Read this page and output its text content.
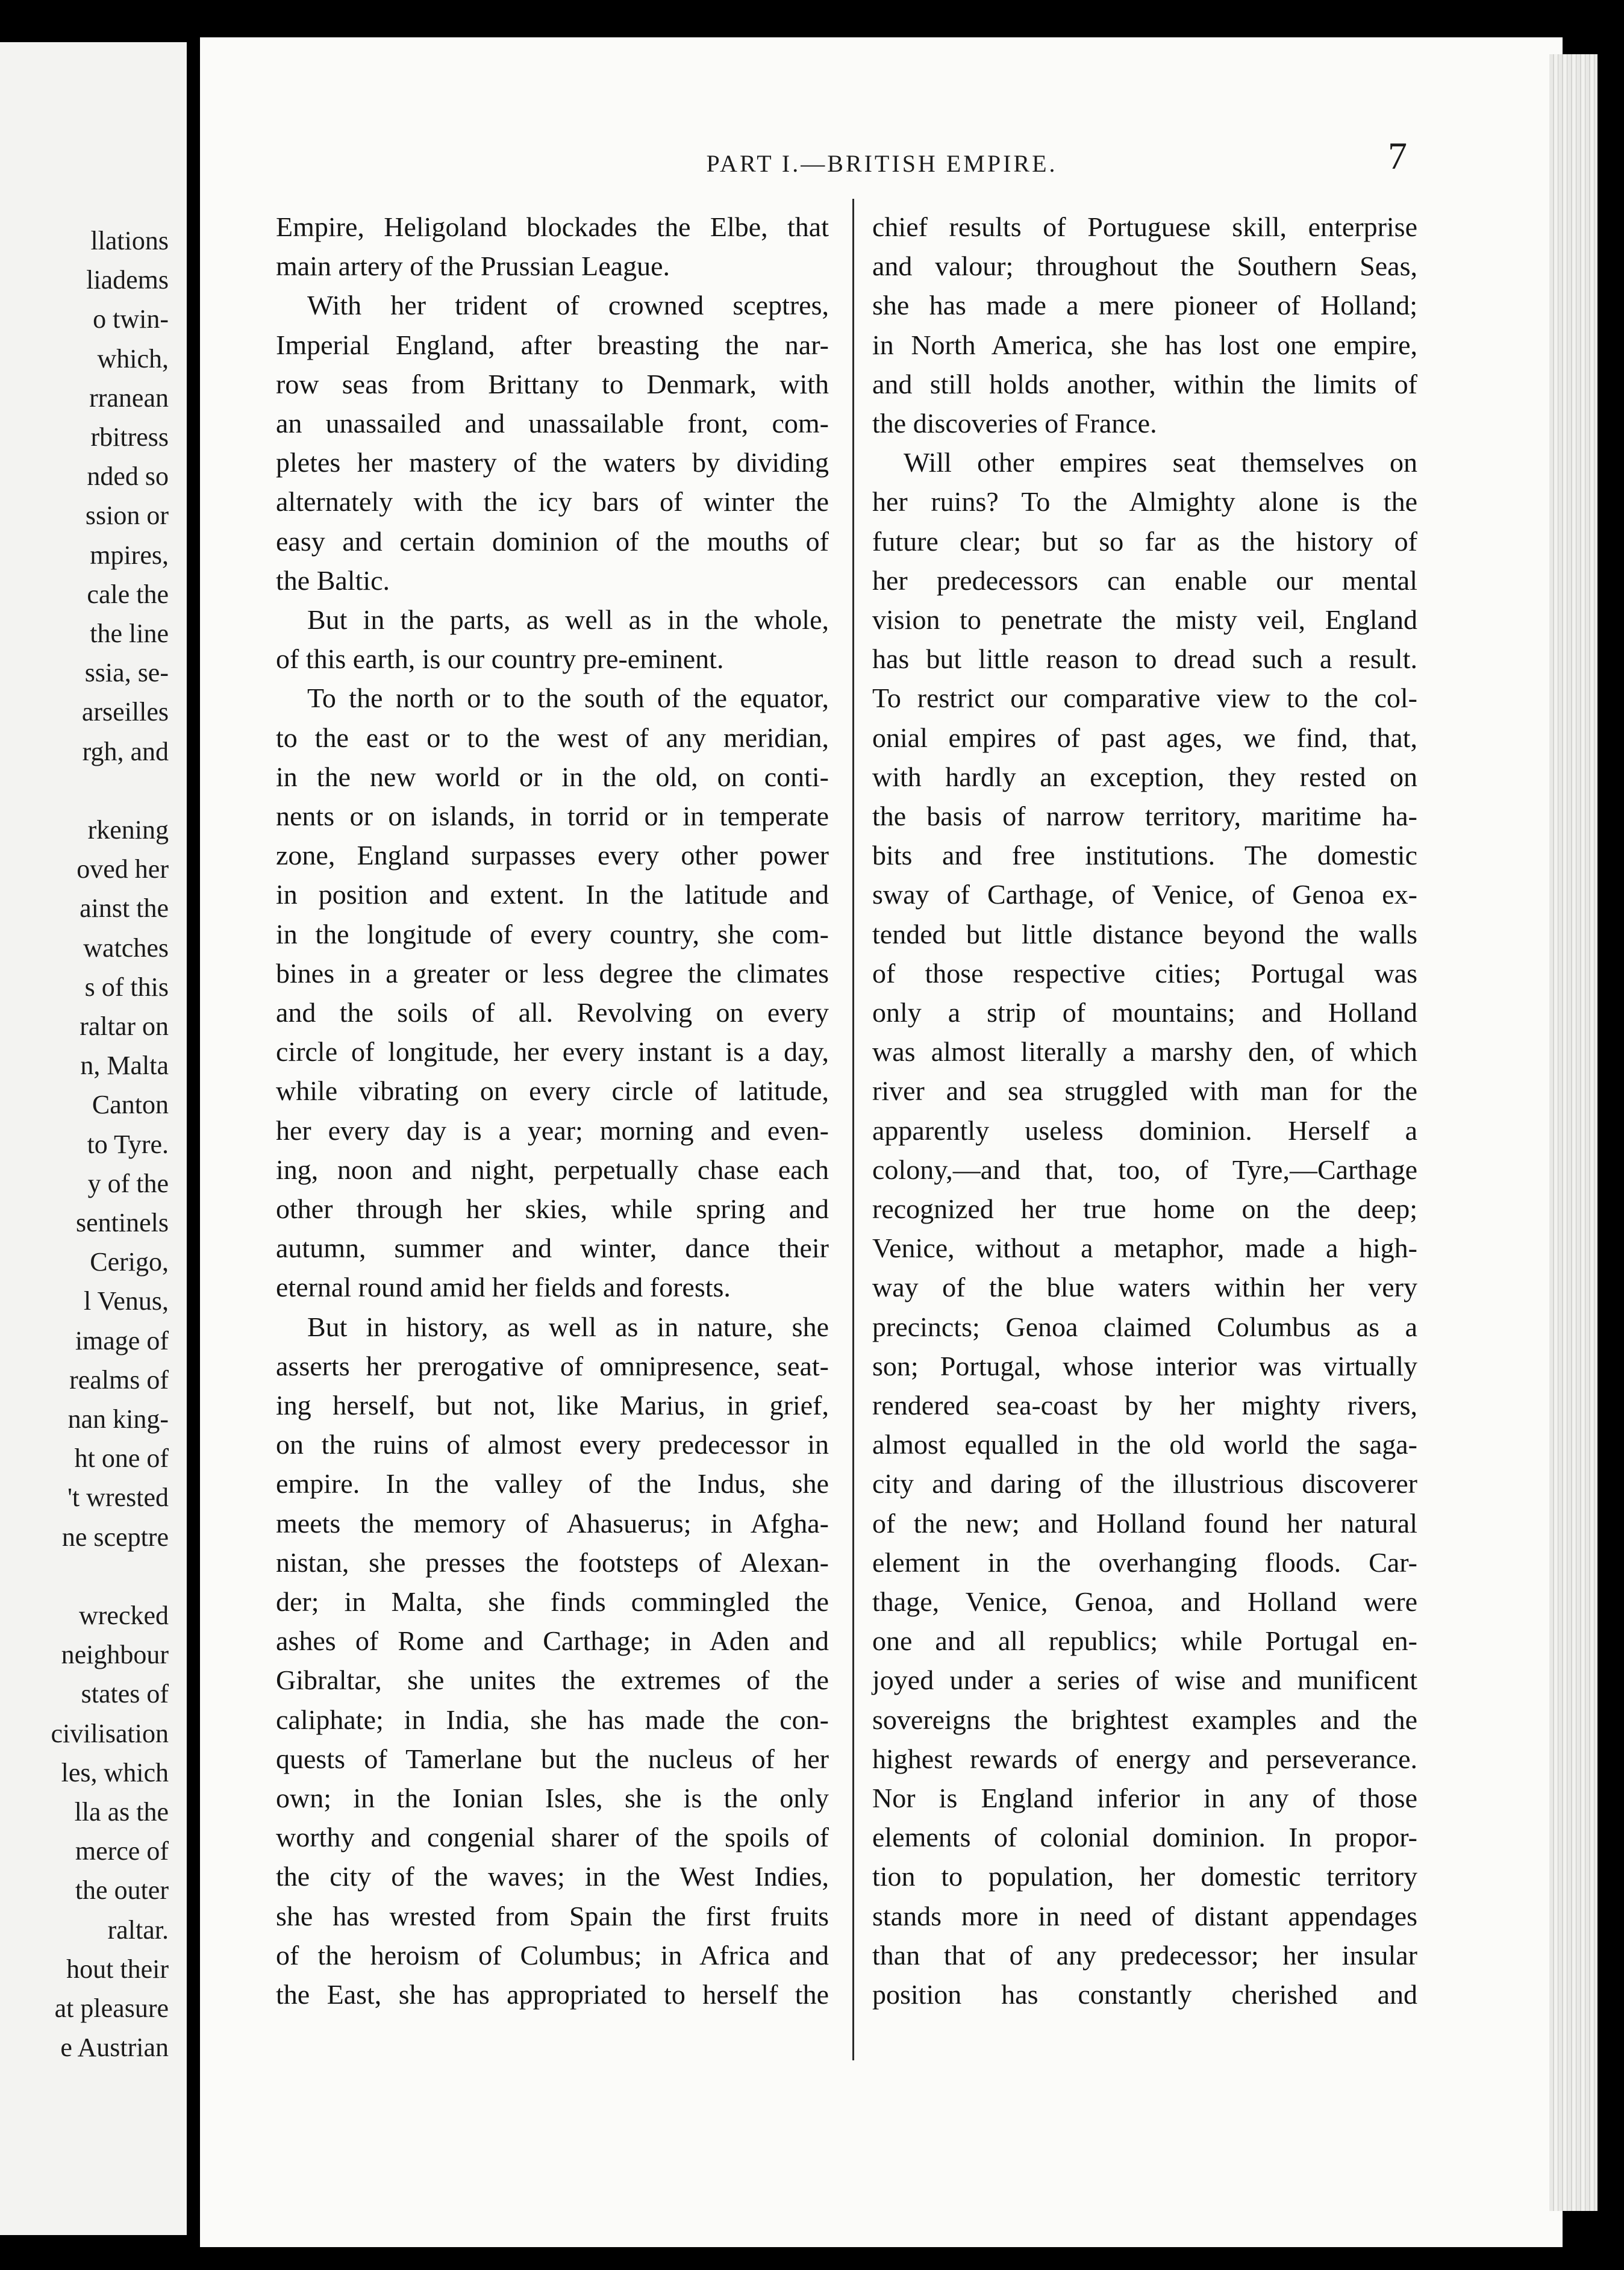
llations
liadems
o twin-
which,
rranean
rbitress
nded so
ssion or
mpires,
cale the
the line
ssia, se-
arseilles
rgh, and
rkening
oved her
ainst the
watches
s of this
raltar on
n, Malta
Canton
to Tyre.
y of the
sentinels
Cerigo,
l Venus,
image of
realms of
nan king-
ht one of
't wrested
ne sceptre
wrecked
neighbour
states of
civilisation
les, which
lla as the
merce of
the outer
raltar.
hout their
at pleasure
e Austrian
PART I.—BRITISH EMPIRE.	7
Empire, Heligoland blockades the Elbe, that
main artery of the Prussian League.
With her trident of crowned sceptres,
Imperial England, after breasting the nar-
row seas from Brittany to Denmark, with
an unassailed and unassailable front, com-
pletes her mastery of the waters by dividing
alternately with the icy bars of winter the
easy and certain dominion of the mouths of
the Baltic.
But in the parts, as well as in the whole,
of this earth, is our country pre-eminent.
To the north or to the south of the equator,
to the east or to the west of any meridian,
in the new world or in the old, on conti-
nents or on islands, in torrid or in temperate
zone, England surpasses every other power
in position and extent. In the latitude and
in the longitude of every country, she com-
bines in a greater or less degree the climates
and the soils of all. Revolving on every
circle of longitude, her every instant is a day,
while vibrating on every circle of latitude,
her every day is a year; morning and even-
ing, noon and night, perpetually chase each
other through her skies, while spring and
autumn, summer and winter, dance their
eternal round amid her fields and forests.
But in history, as well as in nature, she
asserts her prerogative of omnipresence, seat-
ing herself, but not, like Marius, in grief,
on the ruins of almost every predecessor in
empire. In the valley of the Indus, she
meets the memory of Ahasuerus; in Afgha-
nistan, she presses the footsteps of Alexan-
der; in Malta, she finds commingled the
ashes of Rome and Carthage; in Aden and
Gibraltar, she unites the extremes of the
caliphate; in India, she has made the con-
quests of Tamerlane but the nucleus of her
own; in the Ionian Isles, she is the only
worthy and congenial sharer of the spoils of
the city of the waves; in the West Indies,
she has wrested from Spain the first fruits
of the heroism of Columbus; in Africa and
the East, she has appropriated to herself the
chief results of Portuguese skill, enterprise
and valour; throughout the Southern Seas,
she has made a mere pioneer of Holland;
in North America, she has lost one empire,
and still holds another, within the limits of
the discoveries of France.
Will other empires seat themselves on
her ruins? To the Almighty alone is the
future clear; but so far as the history of
her predecessors can enable our mental
vision to penetrate the misty veil, England
has but little reason to dread such a result.
To restrict our comparative view to the col-
onial empires of past ages, we find, that,
with hardly an exception, they rested on
the basis of narrow territory, maritime ha-
bits and free institutions. The domestic
sway of Carthage, of Venice, of Genoa ex-
tended but little distance beyond the walls
of those respective cities; Portugal was
only a strip of mountains; and Holland
was almost literally a marshy den, of which
river and sea struggled with man for the
apparently useless dominion. Herself a
colony,—and that, too, of Tyre,—Carthage
recognized her true home on the deep;
Venice, without a metaphor, made a high-
way of the blue waters within her very
precincts; Genoa claimed Columbus as a
son; Portugal, whose interior was virtually
rendered sea-coast by her mighty rivers,
almost equalled in the old world the saga-
city and daring of the illustrious discoverer
of the new; and Holland found her natural
element in the overhanging floods. Car-
thage, Venice, Genoa, and Holland were
one and all republics; while Portugal en-
joyed under a series of wise and munificent
sovereigns the brightest examples and the
highest rewards of energy and perseverance.
Nor is England inferior in any of those
elements of colonial dominion. In propor-
tion to population, her domestic territory
stands more in need of distant appendages
than that of any predecessor; her insular
position has constantly cherished and
